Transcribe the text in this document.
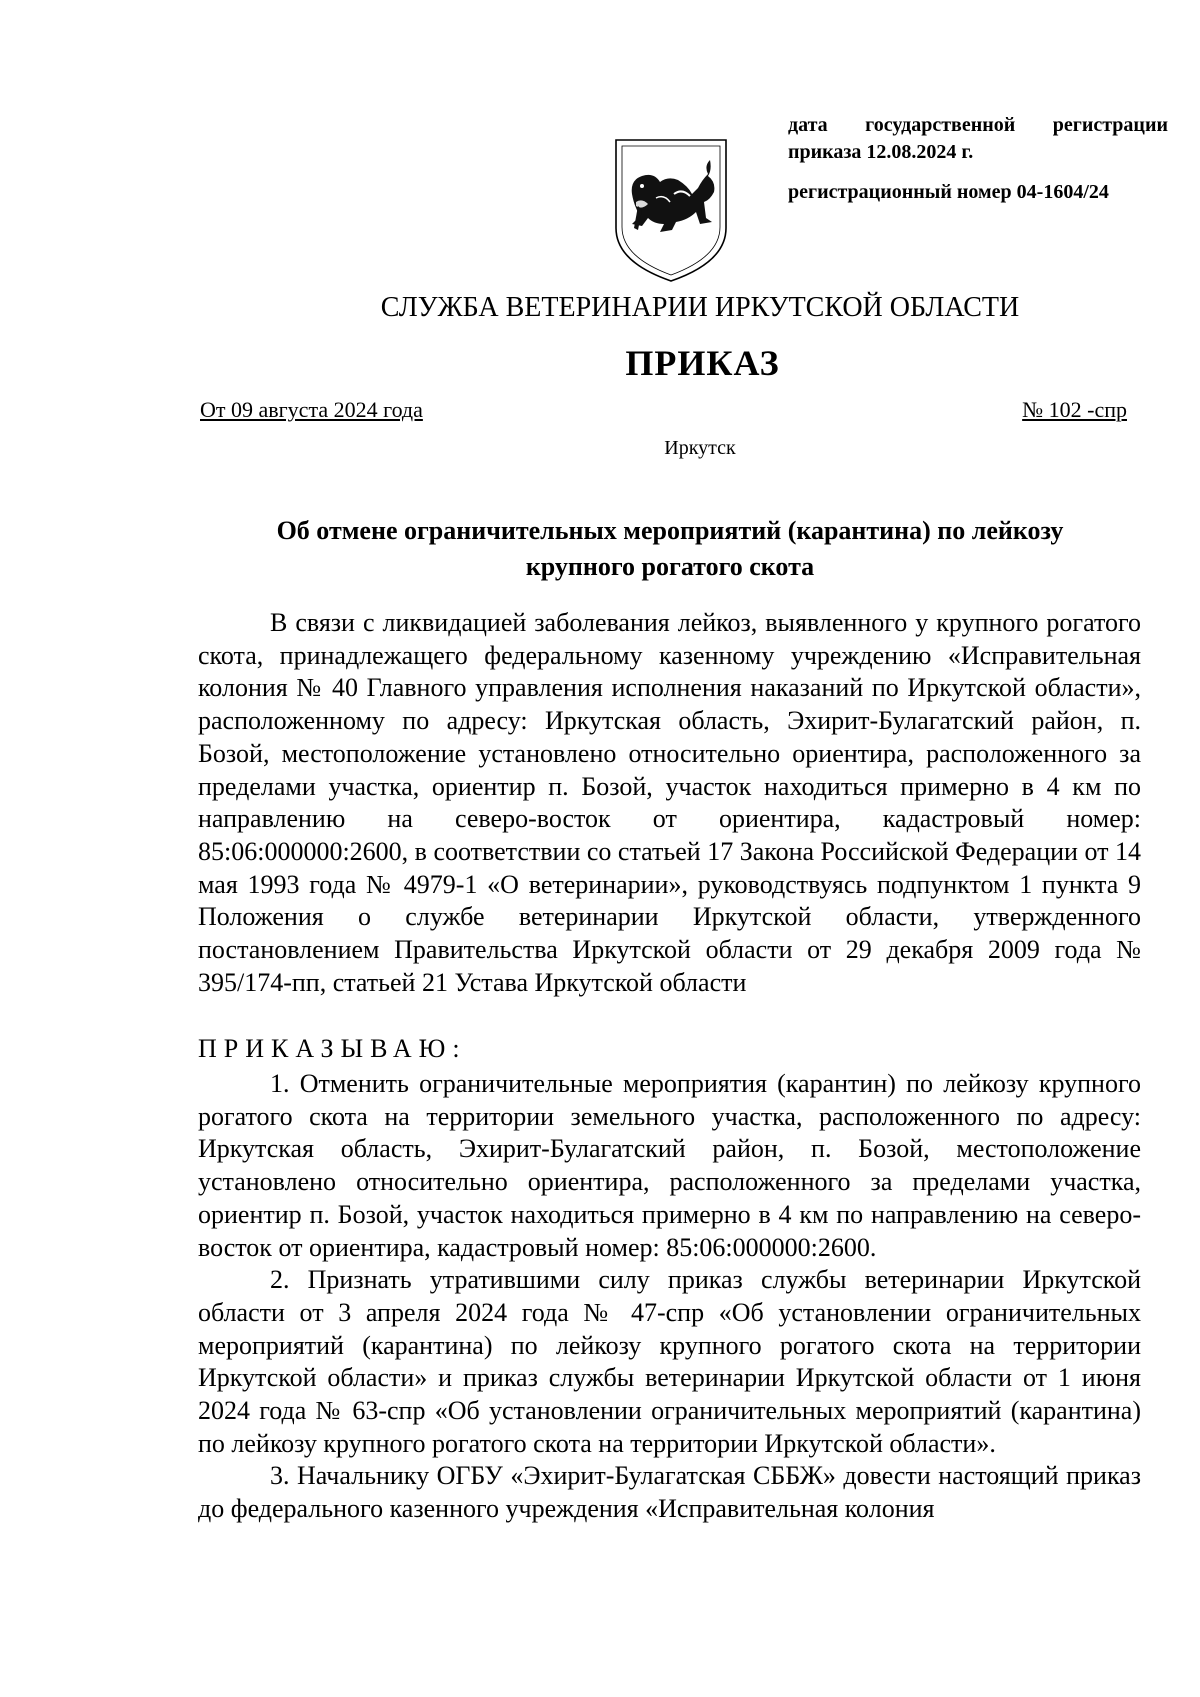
дата государственной регистрации

приказа 12.08.2024 г.

регистрационный номер 04-1604/24

СЛУЖБА ВЕТЕРИНАРИИ ИРКУТСКОЙ ОБЛАСТИ
ПРИКАЗ
От 09 августа 2024 года	№ 102 -спр
Иркутск
Об отмене ограничительных мероприятий (карантина) по лейкозу
крупного рогатого скота

В связи с ликвидацией заболевания лейкоз, выявленного у крупного рогатого скота, принадлежащего федеральному казенному учреждению «Исправительная колония № 40 Главного управления исполнения наказаний по Иркутской области», расположенному по адресу: Иркутская область, Эхирит-Булагатский район, п. Бозой, местоположение установлено относительно ориентира, расположенного за пределами участка, ориентир п. Бозой, участок находиться примерно в 4 км по направлению на северо-восток от ориентира, кадастровый номер: 85:06:000000:2600, в соответствии со статьей 17 Закона Российской Федерации от 14 мая 1993 года № 4979-1 «О ветеринарии», руководствуясь подпунктом 1 пункта 9 Положения о службе ветеринарии Иркутской области, утвержденного постановлением Правительства Иркутской области от 29 декабря 2009 года № 395/174-пп, статьей 21 Устава Иркутской области

ПРИКАЗЫВАЮ:

1. Отменить ограничительные мероприятия (карантин) по лейкозу крупного рогатого скота на территории земельного участка, расположенного по адресу: Иркутская область, Эхирит-Булагатский район, п. Бозой, местоположение установлено относительно ориентира, расположенного за пределами участка, ориентир п. Бозой, участок находиться примерно в 4 км по направлению на северо-восток от ориентира, кадастровый номер: 85:06:000000:2600.

2. Признать утратившими силу приказ службы ветеринарии Иркутской области от 3 апреля 2024 года № 47-спр «Об установлении ограничительных мероприятий (карантина) по лейкозу крупного рогатого скота на территории Иркутской области» и приказ службы ветеринарии Иркутской области от 1 июня 2024 года № 63-спр «Об установлении ограничительных мероприятий (карантина) по лейкозу крупного рогатого скота на территории Иркутской области».

3. Начальнику ОГБУ «Эхирит-Булагатская СББЖ» довести настоящий приказ до федерального казенного учреждения «Исправительная колония
